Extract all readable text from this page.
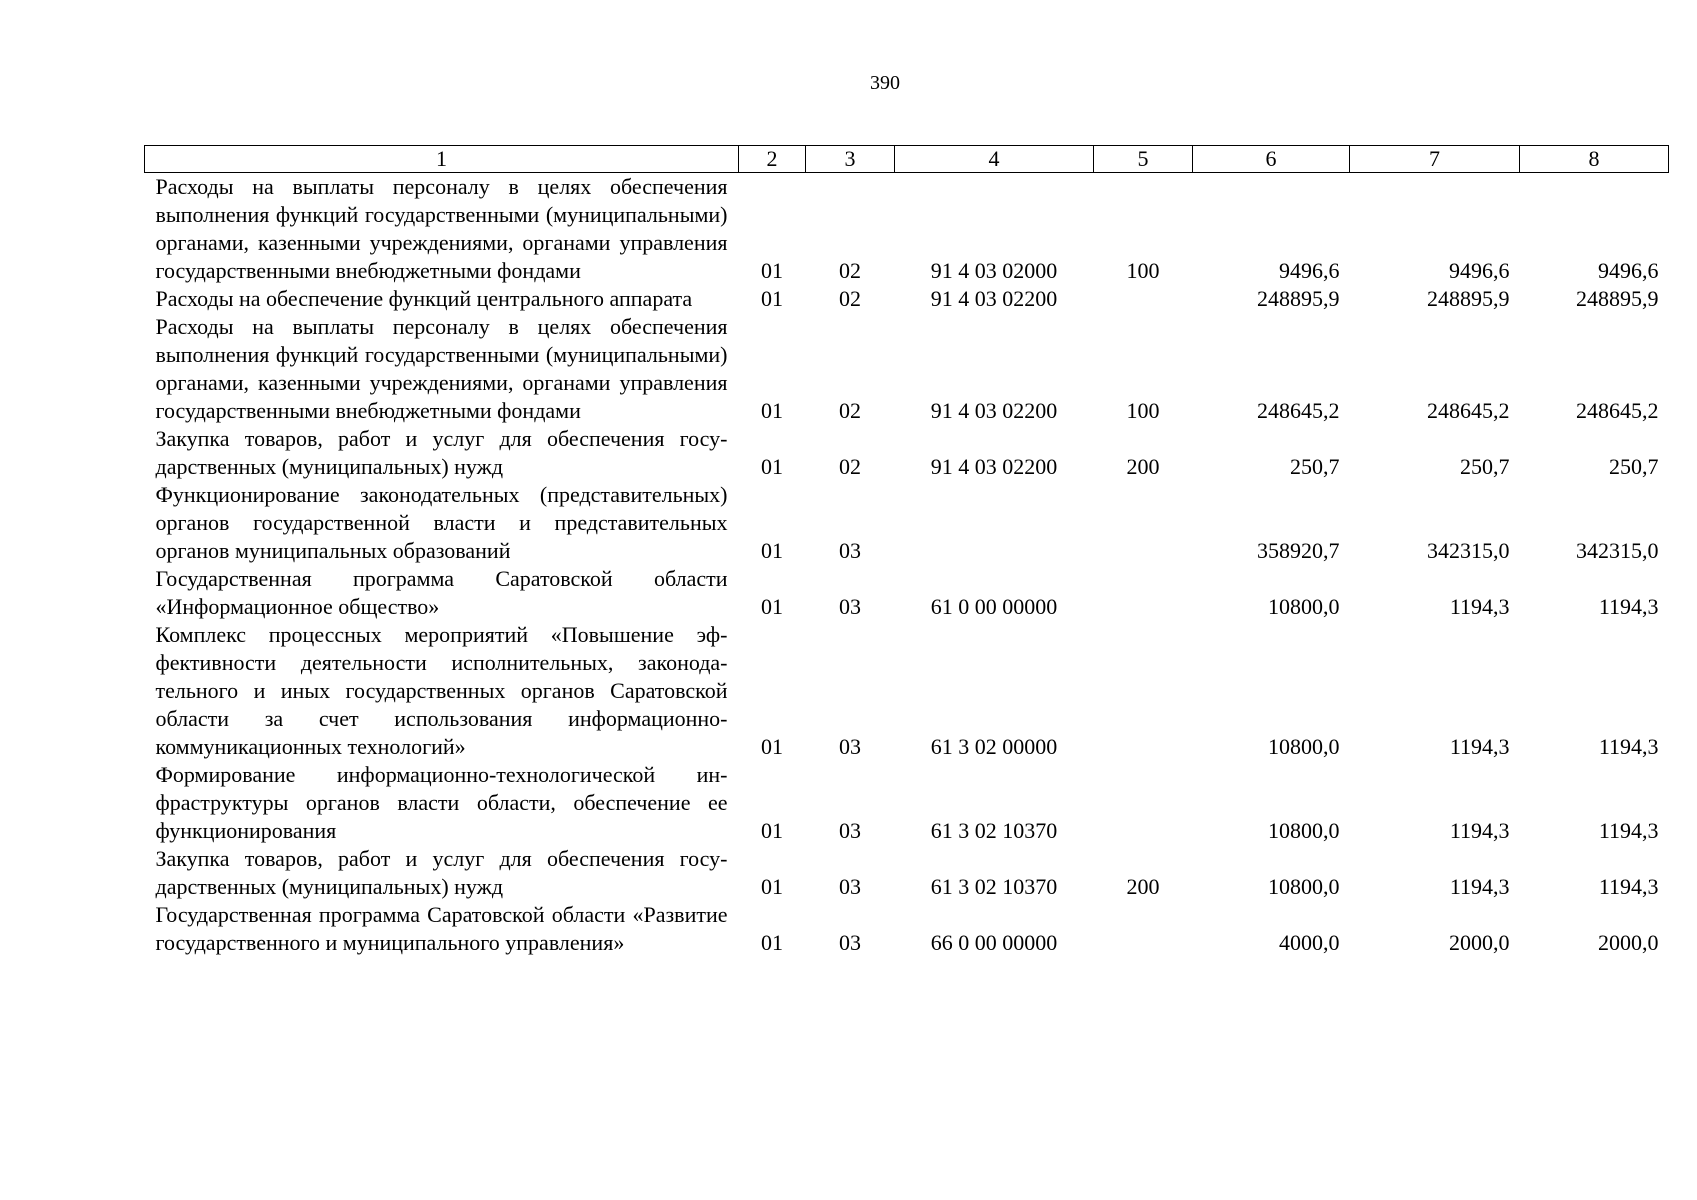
390
1	2	3	4	5	6	7	8
Расходы на выплаты персоналу в целях обеспечения выполнения функций государственными (муниципальными) органами, казенными учреждениями, органами управления государственными внебюджетными фондами	01	02	91 4 03 02000	100	9496,6	9496,6	9496,6
Расходы на обеспечение функций центрального аппарата	01	02	91 4 03 02200		248895,9	248895,9	248895,9
Расходы на выплаты персоналу в целях обеспечения выполнения функций государственными (муниципальными) органами, казенными учреждениями, органами управления государственными внебюджетными фондами	01	02	91 4 03 02200	100	248645,2	248645,2	248645,2
Закупка товаров, работ и услуг для обеспечения государственных (муниципальных) нужд	01	02	91 4 03 02200	200	250,7	250,7	250,7
Функционирование законодательных (представительных) органов государственной власти и представительных органов муниципальных образований	01	03			358920,7	342315,0	342315,0
Государственная программа Саратовской области «Информационное общество»	01	03	61 0 00 00000		10800,0	1194,3	1194,3
Комплекс процессных мероприятий «Повышение эффективности деятельности исполнительных, законодательного и иных государственных органов Саратовской области за счет использования информационно-коммуникационных технологий»	01	03	61 3 02 00000		10800,0	1194,3	1194,3
Формирование информационно-технологической инфраструктуры органов власти области, обеспечение ее функционирования	01	03	61 3 02 10370		10800,0	1194,3	1194,3
Закупка товаров, работ и услуг для обеспечения государственных (муниципальных) нужд	01	03	61 3 02 10370	200	10800,0	1194,3	1194,3
Государственная программа Саратовской области «Развитие государственного и муниципального управления»	01	03	66 0 00 00000		4000,0	2000,0	2000,0
